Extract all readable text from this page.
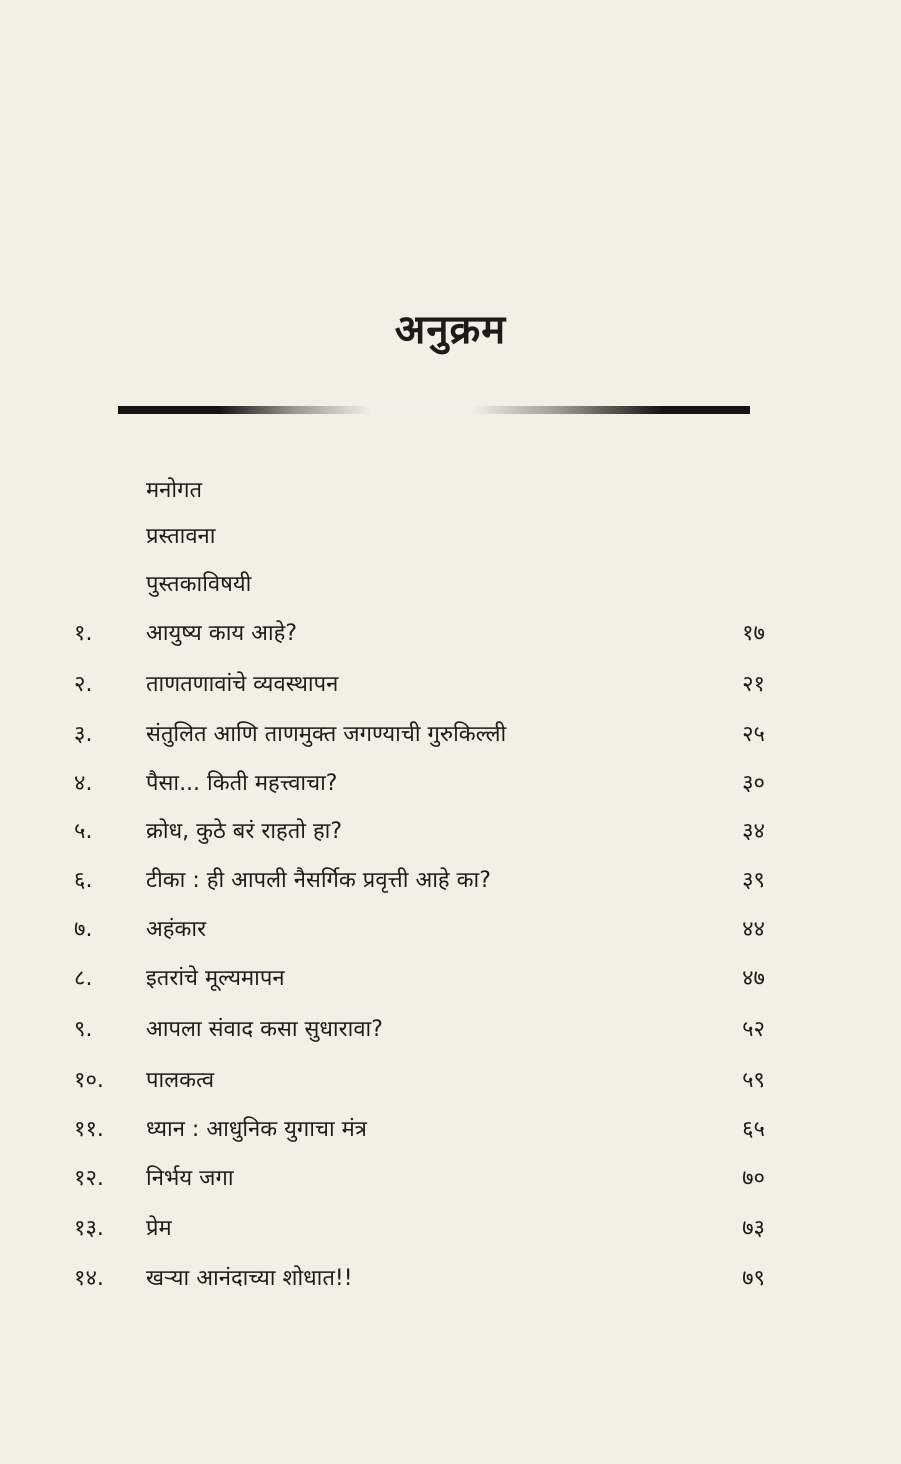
अनुक्रम
मनोगत
प्रस्तावना
पुस्तकाविषयी
१. आयुष्य काय आहे?	१७
२. ताणतणावांचे व्यवस्थापन	२१
३. संतुलित आणि ताणमुक्त जगण्याची गुरुकिल्ली	२५
४. पैसा... किती महत्त्वाचा?	३०
५. क्रोध, कुठे बरं राहतो हा?	३४
६. टीका : ही आपली नैसर्गिक प्रवृत्ती आहे का?	३९
७. अहंकार	४४
८. इतरांचे मूल्यमापन	४७
९. आपला संवाद कसा सुधारावा?	५२
१०. पालकत्व	५९
११. ध्यान : आधुनिक युगाचा मंत्र	६५
१२. निर्भय जगा	७०
१३. प्रेम	७३
१४. खऱ्या आनंदाच्या शोधात!!	७९
